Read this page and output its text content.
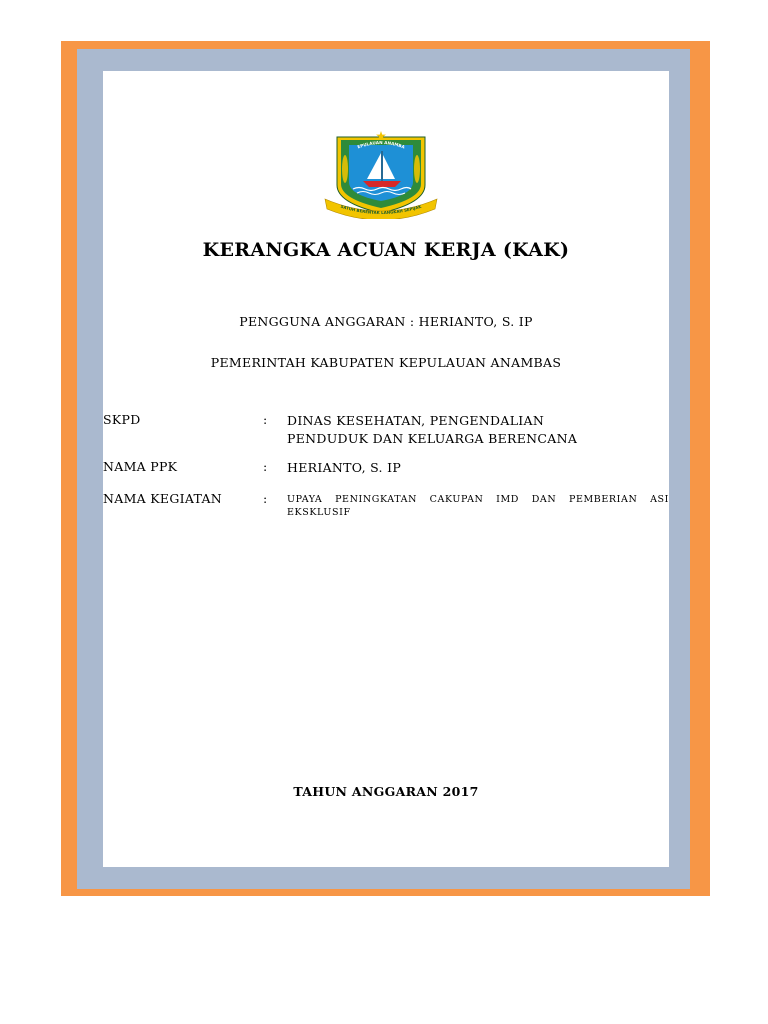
EPULAUAN ANAMBA
SATUH BERENTAK LANGKAH SEPIJAK
KERANGKA ACUAN KERJA (KAK)
PENGGUNA ANGGARAN : HERIANTO, S. IP
PEMERINTAH KABUPATEN KEPULAUAN ANAMBAS
SKPD	: DINAS KESEHATAN, PENGENDALIAN
PENDUDUK DAN KELUARGA BERENCANA
NAMA PPK	: HERIANTO, S. IP
NAMA KEGIATAN	: UPAYA PENINGKATAN CAKUPAN IMD DAN PEMBERIAN ASI EKSKLUSIF
TAHUN ANGGARAN 2017
